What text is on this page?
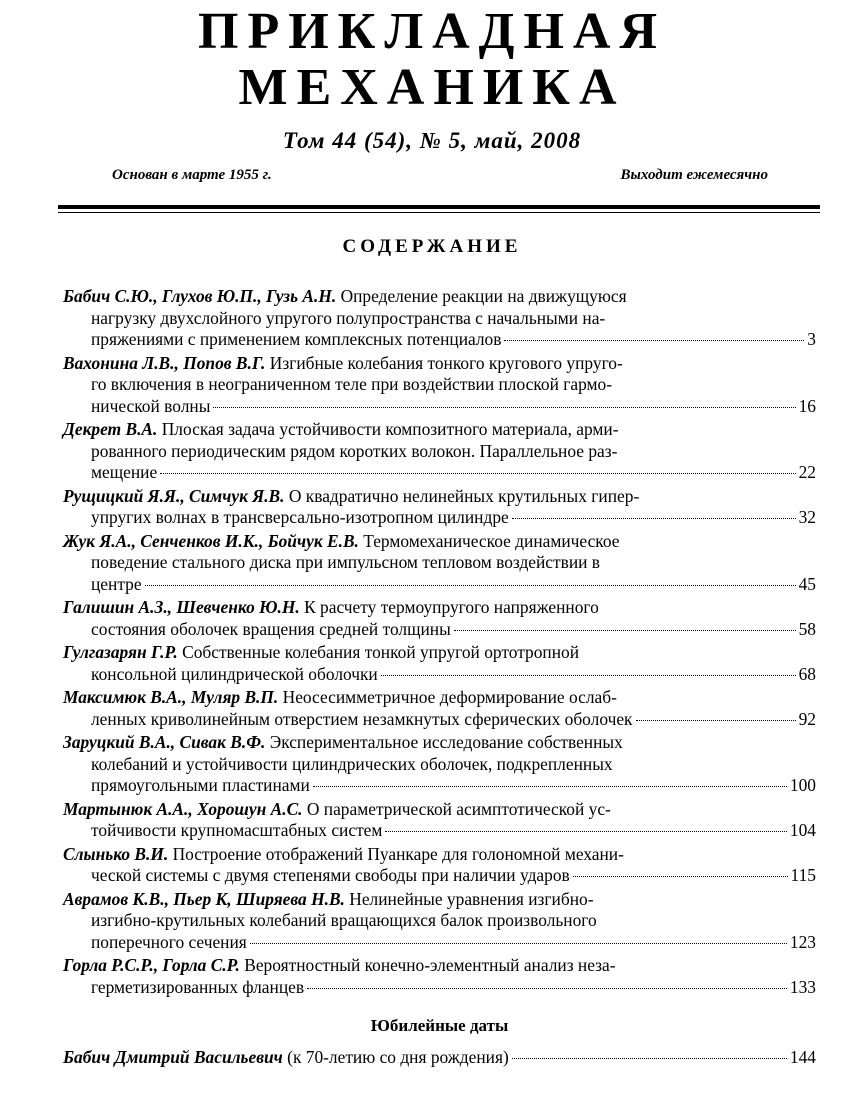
ПРИКЛАДНАЯ
МЕХАНИКА
Том 44 (54), № 5, май, 2008
Основан в марте 1955 г.	Выходит ежемесячно
СОДЕРЖАНИЕ
Бабич С.Ю., Глухов Ю.П., Гузь А.Н. Определение реакции на движущуюся
нагрузку двухслойного упругого полупространства с начальными на-
пряжениями с применением комплексных потенциалов	3
Вахонина Л.В., Попов В.Г. Изгибные колебания тонкого кругового упруго-
го включения в неограниченном теле при воздействии плоской гармо-
нической волны	16
Декрет В.А. Плоская задача устойчивости композитного материала, арми-
рованного периодическим рядом коротких волокон. Параллельное раз-
мещение	22
Рущицкий Я.Я., Симчук Я.В. О квадратично нелинейных крутильных гипер-
упругих волнах в трансверсально-изотропном цилиндре	32
Жук Я.А., Сенченков И.К., Бойчук Е.В. Термомеханическое динамическое
поведение стального диска при импульсном тепловом воздействии в
центре	45
Галишин А.З., Шевченко Ю.Н. К расчету термоупругого напряженного
состояния оболочек вращения средней толщины	58
Гулгазарян Г.Р. Собственные колебания тонкой упругой ортотропной
консольной цилиндрической оболочки	68
Максимюк В.А., Муляр В.П. Неосесимметричное деформирование ослаб-
ленных криволинейным отверстием незамкнутых сферических оболочек	92
Заруцкий В.А., Сивак В.Ф. Экспериментальное исследование собственных
колебаний и устойчивости цилиндрических оболочек, подкрепленных
прямоугольными пластинами	100
Мартынюк А.А., Хорошун А.С. О параметрической асимптотической ус-
тойчивости крупномасштабных систем	104
Слынько В.И. Построение отображений Пуанкаре для голономной механи-
ческой системы с двумя степенями свободы при наличии ударов	115
Аврамов К.В., Пьер К, Ширяева Н.В. Нелинейные уравнения изгибно-
изгибно-крутильных колебаний вращающихся балок произвольного
поперечного сечения	123
Горла Р.С.Р., Горла С.Р. Вероятностный конечно-элементный анализ неза-
герметизированных фланцев	133
Юбилейные даты
Бабич Дмитрий Васильевич (к 70-летию со дня рождения)	144
